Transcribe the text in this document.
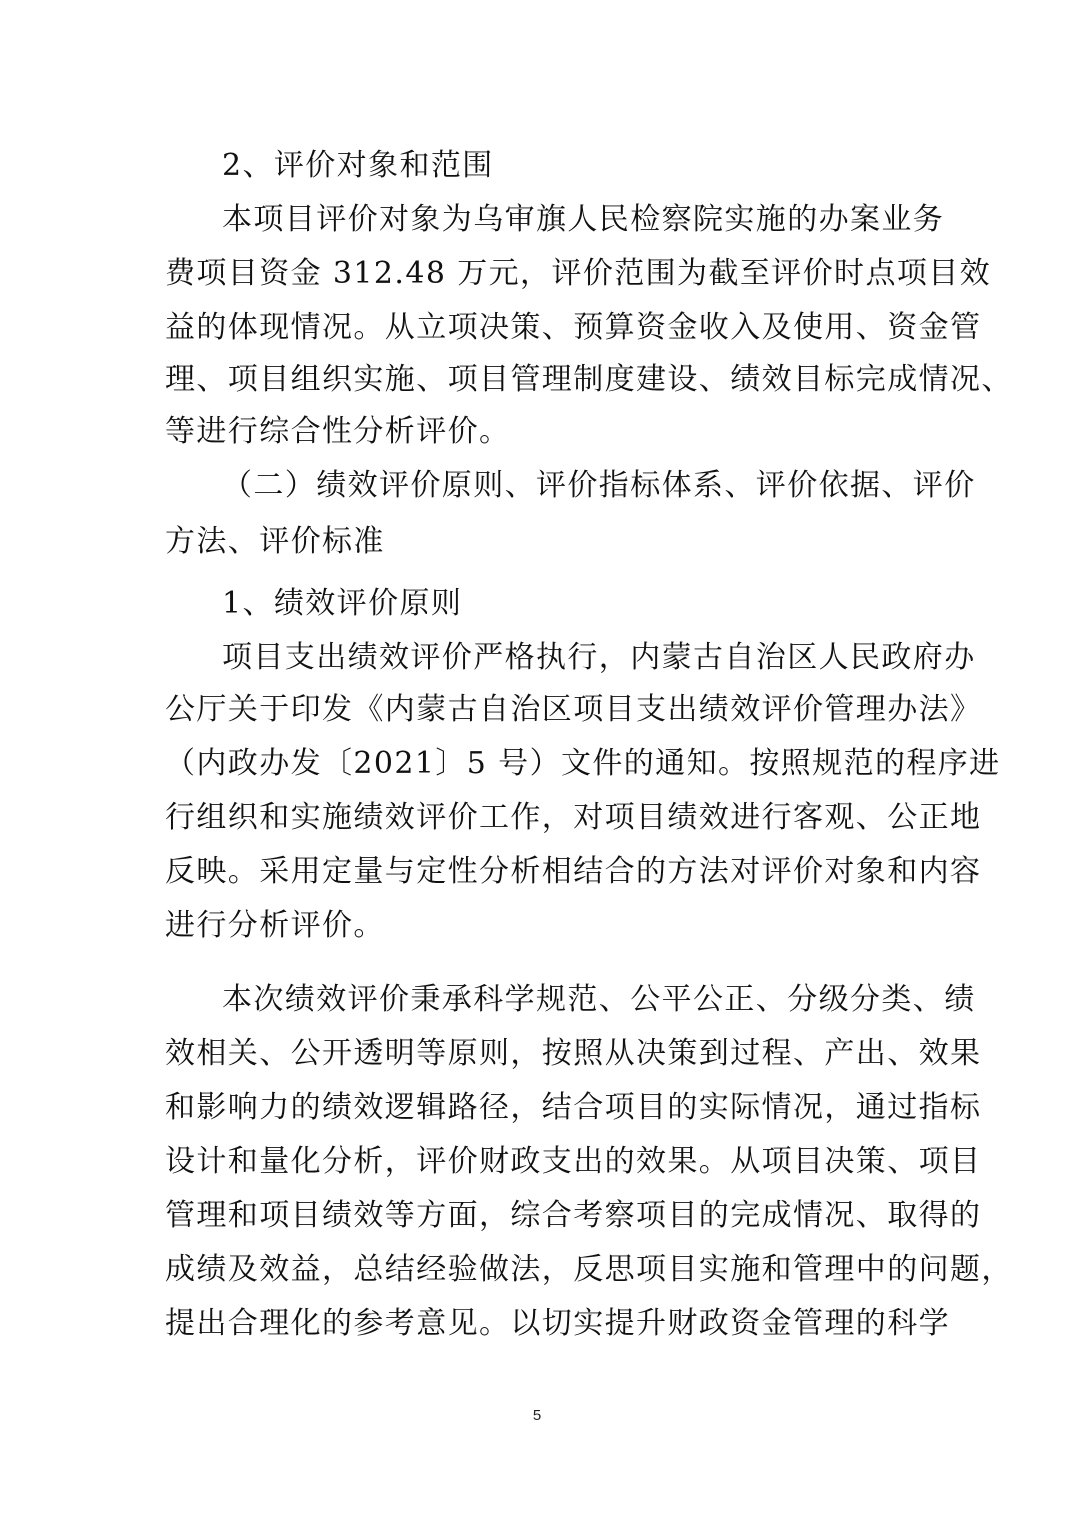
2、评价对象和范围
本项目评价对象为乌审旗人民检察院实施的办案业务
费项目资金 312.48 万元，评价范围为截至评价时点项目效
益的体现情况。从立项决策、预算资金收入及使用、资金管
理、项目组织实施、项目管理制度建设、绩效目标完成情况、
等进行综合性分析评价。
（二）绩效评价原则、评价指标体系、评价依据、评价
方法、评价标准
1、绩效评价原则
项目支出绩效评价严格执行，内蒙古自治区人民政府办
公厅关于印发《内蒙古自治区项目支出绩效评价管理办法》
（内政办发〔2021〕5 号）文件的通知。按照规范的程序进
行组织和实施绩效评价工作，对项目绩效进行客观、公正地
反映。采用定量与定性分析相结合的方法对评价对象和内容
进行分析评价。
本次绩效评价秉承科学规范、公平公正、分级分类、绩
效相关、公开透明等原则，按照从决策到过程、产出、效果
和影响力的绩效逻辑路径，结合项目的实际情况，通过指标
设计和量化分析，评价财政支出的效果。从项目决策、项目
管理和项目绩效等方面，综合考察项目的完成情况、取得的
成绩及效益，总结经验做法，反思项目实施和管理中的问题，
提出合理化的参考意见。以切实提升财政资金管理的科学
5
